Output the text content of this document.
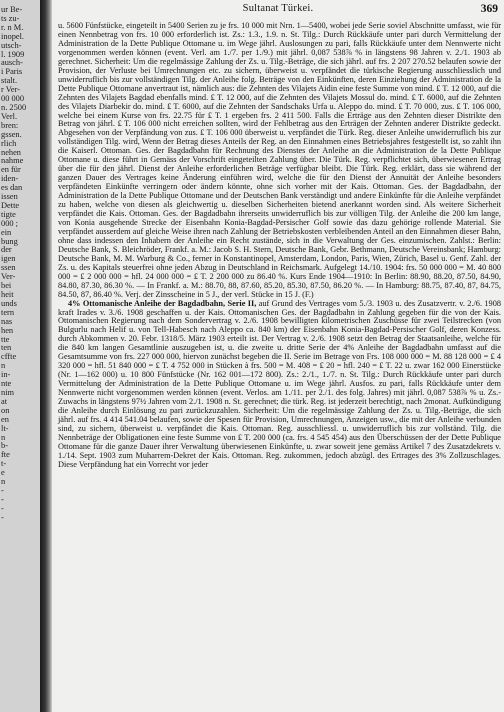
ur Be-
ts zu-
r. n M.
inopel.
utsch-
l. 1909
ausch-
i Paris
stalt.
r Ver-
00 000
n. 2500
Verl.
bren:
gssen.
rlich
nehen
nahme
en für
iden-
es dan
issen
Dette
tigte
000 ;
ein
bung
der
igen
ssen
Ver-
bei
heit
unds
tern
nas
hen
tte
ten
cffte
n
in-
nte
nim
at
on
en
lt-
n
b-
fte
t-
e
n
-
-
-
-
Sultanat Türkei.	369

u. 5600 Fünfstücke, eingeteilt in 5400 Serien zu je frs. 10 000 mit Nrn. 1—5400, wobei jede Serie soviel Abschnitte umfasst, wie für einen Nennbetrag von frs. 10 000 erforderlich ist. Zs.: 1.3., 1.9. n. St. Tilg.: Durch Rückkäufe unter pari durch Vermittelung der Administration de la Dette Publique Ottomane u. im Wege jährl. Auslosungen zu pari, falls Rückkäufe unter dem Nennwerte nicht vorgenommen werden können (event. Verl. am 1./7. per 1./9.) mit jährl. 0,087 538⅞ % in längstens 98 Jahren v. 2./1. 1903 ab gerechnet. Sicherheit: Um die regelmässige Zahlung der Zs. u. Tilg.-Beträge, die sich jährl. auf frs. 2 207 270.52 belaufen sowie der Provision, der Verluste bei Umrechnungen etc. zu sichern, überweist u. verpfändet die türkische Regierung ausschliesslich und unwiderruflich bis zur vollständigen Tilg. der Anleihe folg. Beträge von den Einkünften, deren Einziehung der Administration de la Dette Publique Ottomane anvertraut ist, nämlich aus: die Zehnten des Vilajets Aidin eine feste Summe von mind. ₤ T. 12 000, auf die Zehnten des Vilajets Bagdad ebenfalls mind. ₤ T. 12 000, auf die Zehnten des Vilajets Mossul do. mind. ₤ T. 6000, auf die Zehnten des Vilajets Diarbekir do. mind. ₤ T. 6000, auf die Zehnten der Sandschaks Urfa u. Aleppo do. mind. ₤ T. 70 000, zus. ₤ T. 106 000, welche bei einem Kurse von frs. 22.75 für ₤ T. 1 ergeben frs. 2 411 500. Falls die Erträge aus den Zehnten dieser Distrikte den Betrag von jährl. ₤ T. 106 000 nicht erreichen sollten, wird der Fehlbetrag aus den Erträgen der Zehnten anderer Distrikte gedeckt. Abgesehen von der Verpfändung von zus. ₤ T. 106 000 überweist u. verpfändet die Türk. Reg. dieser Anleihe unwiderruflich bis zur vollständigen Tilg. wird, Wenn der Betrag dieses Anteils der Reg. an den Einnahmen eines Betriebsjahres festgestellt ist, so zahlt ihn die Kaiserl. Ottoman. Ges. der Bagdadbahn für Rechnung des Dienstes der Anleihe an die Administration de la Dette Publique Ottomane u. diese führt in Gemäss der Vorschrift eingeteilten Zahlung über. Die Türk. Reg. verpflichtet sich, überwiesenen Ertrag über die für den jährl. Dienst der Anleihe erforderlichen Beträge verfügbar bleibt. Die Türk. Reg. erklärt, dass sie während der ganzen Dauer des Vertrages keine Änderung einführen wird, welche die für den Dienst der Annuität der Anleihe besonders verpfändeten Einkünfte verringern oder ändern könnte, ohne sich vorher mit der Kais. Ottoman. Ges. der Bagdadbahn, der Administration de la Dette Publique Ottomane und der Deutschen Bank verständigt und andere Einkünfte für die Anleihe verpfändet zu haben, welche von diesen als gleichwertig u. dieselben Sicherheiten bietend anerkannt worden sind. Als weitere Sicherheit verpfändet die Kais. Ottoman. Ges. der Bagdadbahn ihrerseits unwiderruflich bis zur völligen Tilg. der Anleihe die 200 km lange, von Konia ausgehende Strecke der Eisenbahn Konia-Bagdad-Persischer Golf sowie das dazu gehörige rollende Material. Sie verpfändet ausserdem auf gleiche Weise ihren nach Zahlung der Betriebskosten verbleibenden Anteil an den Einnahmen dieser Bahn, ohne dass indessen den Inhabern der Anleihe ein Recht zustände, sich in die Verwaltung der Ges. einzumischen. Zahlst.: Berlin: Deutsche Bank, S. Bleichröder, Frankf. a. M.: Jacob S. H. Stern, Deutsche Bank, Gebr. Bethmann, Deutsche Vereinsbank; Hamburg: Deutsche Bank, M. M. Warburg & Co., ferner in Konstantinopel, Amsterdam, London, Paris, Wien, Zürich, Basel u. Genf. Zahl. der Zs. u. des Kapitals steuerfrei ohne jeden Abzug in Deutschland in Reichsmark. Aufgelegt 14./10. 1904: frs. 50 000 000 = M. 40 800 000 = ₤ 2 000 000 = hfl. 24 000 000 = ₤ T. 2 200 000 zu 86.40 %. Kurs Ende 1904—1910: In Berlin: 88.90, 88.20, 87.50, 84.90, 84.80, 87.30, 86.30 %. — In Frankf. a. M.: 88.70, 88, 87.60, 85.20, 85.30, 87.50, 86.20 %. — In Hamburg: 88.75, 87.40, 87, 84.75, 84.50, 87, 86.40 %. Verj. der Zinsscheine in 5 J., der verl. Stücke in 15 J. (F.)

4% Ottomanische Anleihe der Bagdadbahn, Serie II, auf Grund des Vertrages vom 5./3. 1903 u. des Zusatzvertr. v. 2./6. 1908 kraft Irades v. 3./6. 1908 geschaffen u. der Kais. Ottomanischen Ges. der Bagdadbahn in Zahlung gegeben für die von der Kais. Ottomanischen Regierung nach dem Sondervertrag v. 2./6. 1908 bewilligten kilometrischen Zuschüsse für zwei Teilstrecken (von Bulgurlu nach Helif u. von Tell-Habesch nach Aleppo ca. 840 km) der Eisenbahn Konia-Bagdad-Persischer Golf, deren Konzess. durch Abkommen v. 20. Febr. 1318/5. März 1903 erteilt ist. Der Vertrag v. 2./6. 1908 setzt den Betrag der Staatsanleihe, welche für die 840 km langen Gesamtlinie auszugeben ist, u. die zweite u. dritte Serie der 4% Anleihe der Bagdadbahn umfasst auf die Gesamtsumme von frs. 227 000 000, hiervon zunächst begeben die II. Serie im Betrage von Frs. 108 000 000 = M. 88 128 000 = ₤ 4 320 000 = hfl. 51 840 000 = ₤ T. 4 752 000 in Stücken à frs. 500 = M. 408 = ₤ 20 = hfl. 240 = ₤ T. 22 u. zwar 162 000 Einerstücke (Nr. 1—162 000) u. 10 800 Fünfstücke (Nr. 162 001—172 800). Zs.: 2./1., 1./7. n. St. Tilg.: Durch Rückkäufe unter pari durch Vermittelung der Administration de la Dette Publique Ottomane u. im Wege jährl. Ausfos. zu pari, falls Rückkäufe unter dem Nennwerte nicht vorgenommen werden können (event. Verlos. am 1./11. per 2./1. des folg. Jahres) mit jährl. 0,087 538⅞ % u. Zs.-Zuwachs in längstens 97½ Jahren vom 2./1. 1908 n. St. gerechnet; die türk. Reg. ist jederzeit berechtigt, nach 2monat. Aufkündigung die Anleihe durch Einlösung zu pari zurückzuzahlen. Sicherheit: Um die regelmässige Zahlung der Zs. u. Tilg.-Beträge, die sich jährl. auf frs. 4 414 541.04 belaufen, sowie der Spesen für Provision, Umrechnungen, Anzeigen usw., die mit der Anleihe verbunden sind, zu sichern, überweist u. verpfändet die Kais. Ottoman. Reg. ausschliessl. u. unwiderruflich bis zur vollständ. Tilg. die Nennbeträge der Obligationen eine feste Summe von ₤ T. 200 000 (ca. frs. 4 545 454) aus den Überschüssen der der Dette Publique Ottomane für die ganze Dauer ihrer Verwaltung überwiesenen Einkünfte, u. zwar soweit jene gemäss Artikel 7 des Zusatzdekrets v. 1./14. Sept. 1903 zum Muharrem-Dekret der Kais. Ottoman. Reg. zukommen, jedoch abzügl. des Ertrages des 3% Zollzuschlages. Diese Verpfändung hat ein Vorrecht vor jeder
